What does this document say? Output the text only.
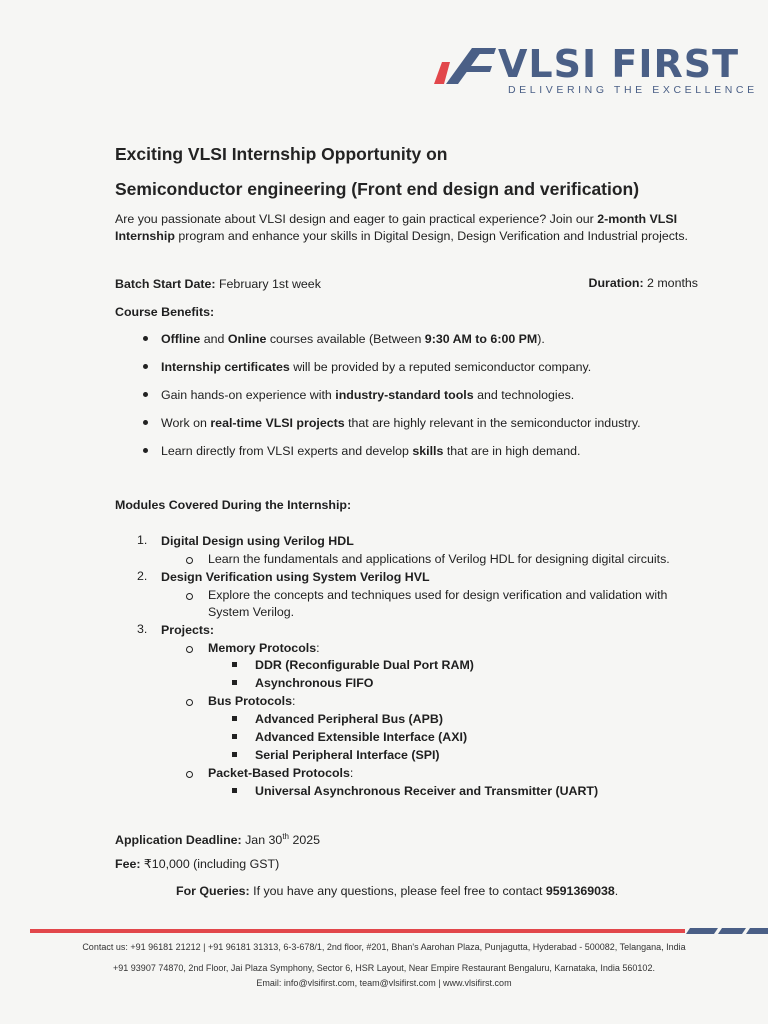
VLSI FIRST
DELIVERING THE EXCELLENCE
Exciting VLSI Internship Opportunity on
Semiconductor engineering (Front end design and verification)
Are you passionate about VLSI design and eager to gain practical experience? Join our 2-month VLSI Internship program and enhance your skills in Digital Design, Design Verification and Industrial projects.
Batch Start Date: February 1st week	Duration: 2 months
Course Benefits:
Offline and Online courses available (Between 9:30 AM to 6:00 PM).
Internship certificates will be provided by a reputed semiconductor company.
Gain hands-on experience with industry-standard tools and technologies.
Work on real-time VLSI projects that are highly relevant in the semiconductor industry.
Learn directly from VLSI experts and develop skills that are in high demand.
Modules Covered During the Internship:
1. Digital Design using Verilog HDL
Learn the fundamentals and applications of Verilog HDL for designing digital circuits.
2. Design Verification using System Verilog HVL
Explore the concepts and techniques used for design verification and validation with
System Verilog.
3. Projects:
Memory Protocols:
DDR (Reconfigurable Dual Port RAM)
Asynchronous FIFO
Bus Protocols:
Advanced Peripheral Bus (APB)
Advanced Extensible Interface (AXI)
Serial Peripheral Interface (SPI)
Packet-Based Protocols:
Universal Asynchronous Receiver and Transmitter (UART)
Application Deadline: Jan 30th 2025
Fee: ₹10,000 (including GST)
For Queries: If you have any questions, please feel free to contact 9591369038.
Contact us: +91 96181 21212 | +91 96181 31313, 6-3-678/1, 2nd floor, #201, Bhan's Aarohan Plaza, Punjagutta, Hyderabad - 500082, Telangana, India
+91 93907 74870, 2nd Floor, Jai Plaza Symphony, Sector 6, HSR Layout, Near Empire Restaurant Bengaluru, Karnataka, India 560102.
Email: info@vlsifirst.com, team@vlsifirst.com | www.vlsifirst.com
